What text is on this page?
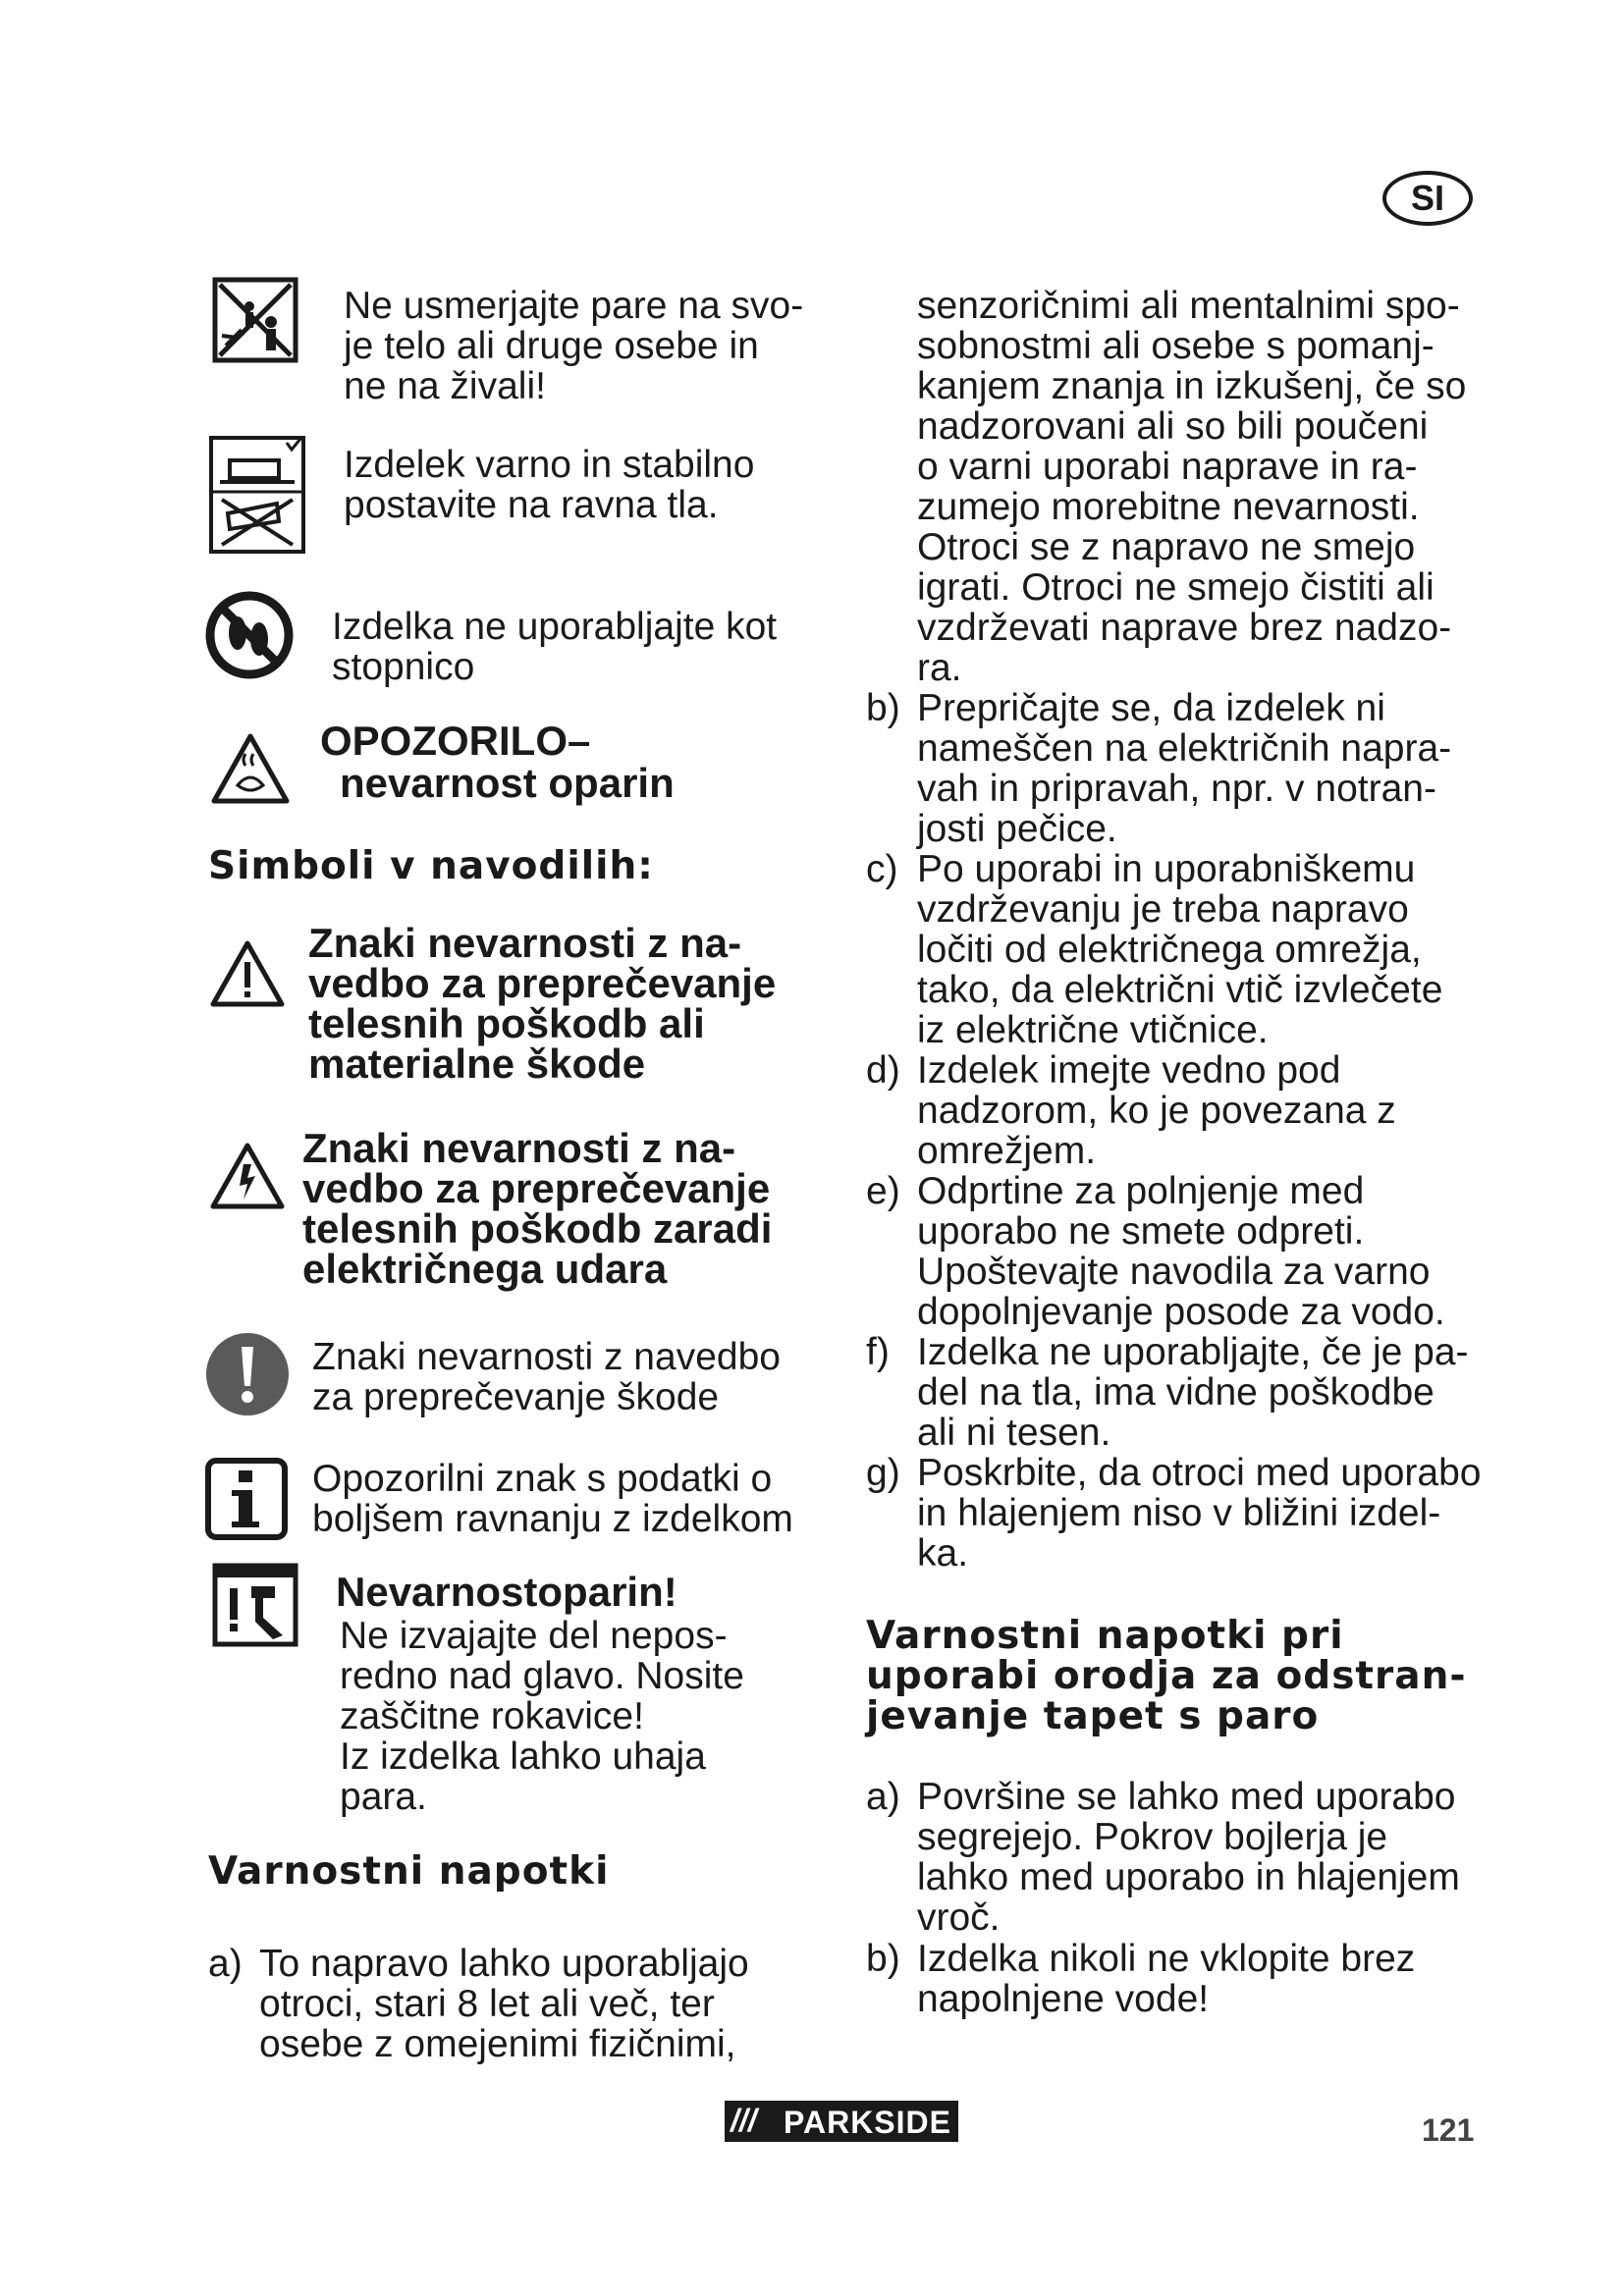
SI
Ne usmerjajte pare na svo-
je telo ali druge osebe in
ne na živali!
Izdelek varno in stabilno
postavite na ravna tla.
Izdelka ne uporabljajte kot
stopnico
OPOZORILO–
nevarnost oparin
Simboli v navodilih:
Znaki nevarnosti z na-
vedbo za preprečevanje
telesnih poškodb ali
materialne škode
Znaki nevarnosti z na-
vedbo za preprečevanje
telesnih poškodb zaradi
električnega udara
Znaki nevarnosti z navedbo
za preprečevanje škode
Opozorilni znak s podatki o
boljšem ravnanju z izdelkom
Nevarnostoparin!
Ne izvajajte del nepos-
redno nad glavo. Nosite
zaščitne rokavice!
Iz izdelka lahko uhaja
para.
Varnostni napotki
a) To napravo lahko uporabljajo
otroci, stari 8 let ali več, ter
osebe z omejenimi fizičnimi,
senzoričnimi ali mentalnimi spo-
sobnostmi ali osebe s pomanj-
kanjem znanja in izkušenj, če so
nadzorovani ali so bili poučeni
o varni uporabi naprave in ra-
zumejo morebitne nevarnosti.
Otroci se z napravo ne smejo
igrati. Otroci ne smejo čistiti ali
vzdrževati naprave brez nadzo-
ra.
b) Prepričajte se, da izdelek ni
nameščen na električnih napra-
vah in pripravah, npr. v notran-
josti pečice.
c) Po uporabi in uporabniškemu
vzdrževanju je treba napravo
ločiti od električnega omrežja,
tako, da električni vtič izvlečete
iz električne vtičnice.
d) Izdelek imejte vedno pod
nadzorom, ko je povezana z
omrežjem.
e) Odprtine za polnjenje med
uporabo ne smete odpreti.
Upoštevajte navodila za varno
dopolnjevanje posode za vodo.
f) Izdelka ne uporabljajte, če je pa-
del na tla, ima vidne poškodbe
ali ni tesen.
g) Poskrbite, da otroci med uporabo
in hlajenjem niso v bližini izdel-
ka.
Varnostni napotki pri
uporabi orodja za odstran-
jevanje tapet s paro
a) Površine se lahko med uporabo
segrejejo. Pokrov bojlerja je
lahko med uporabo in hlajenjem
vroč.
b) Izdelka nikoli ne vklopite brez
napolnjene vode!
/// PARKSIDE	121
